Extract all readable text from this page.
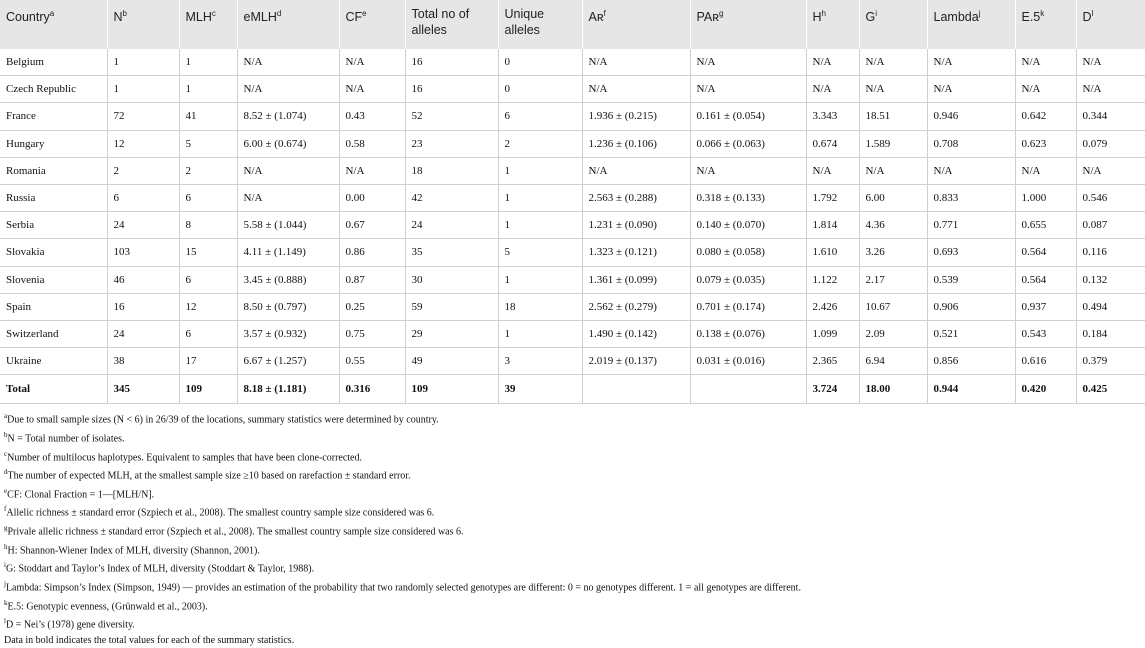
Country$^a$	$N^b$	MLH$^c$	eMLH$^d$	$CF^e$	Total no of alleles	Unique alleles	Aʀ$^f$	PAʀ$^g$	$H^h$	$G^i$	Lambda$^j$	E.5$^k$	$D^l$
Belgium	1	1	N/A	N/A	16	0	N/A	N/A	N/A	N/A	N/A	N/A	N/A
Czech Republic	1	1	N/A	N/A	16	0	N/A	N/A	N/A	N/A	N/A	N/A	N/A
France	72	41	8.52 ± (1.074)	0.43	52	6	1.936 ± (0.215)	0.161 ± (0.054)	3.343	18.51	0.946	0.642	0.344
Hungary	12	5	6.00 ± (0.674)	0.58	23	2	1.236 ± (0.106)	0.066 ± (0.063)	0.674	1.589	0.708	0.623	0.079
Romania	2	2	N/A	N/A	18	1	N/A	N/A	N/A	N/A	N/A	N/A	N/A
Russia	6	6	N/A	0.00	42	1	2.563 ± (0.288)	0.318 ± (0.133)	1.792	6.00	0.833	1.000	0.546
Serbia	24	8	5.58 ± (1.044)	0.67	24	1	1.231 ± (0.090)	0.140 ± (0.070)	1.814	4.36	0.771	0.655	0.087
Slovakia	103	15	4.11 ± (1.149)	0.86	35	5	1.323 ± (0.121)	0.080 ± (0.058)	1.610	3.26	0.693	0.564	0.116
Slovenia	46	6	3.45 ± (0.888)	0.87	30	1	1.361 ± (0.099)	0.079 ± (0.035)	1.122	2.17	0.539	0.564	0.132
Spain	16	12	8.50 ± (0.797)	0.25	59	18	2.562 ± (0.279)	0.701 ± (0.174)	2.426	10.67	0.906	0.937	0.494
Switzerland	24	6	3.57 ± (0.932)	0.75	29	1	1.490 ± (0.142)	0.138 ± (0.076)	1.099	2.09	0.521	0.543	0.184
Ukraine	38	17	6.67 ± (1.257)	0.55	49	3	2.019 ± (0.137)	0.031 ± (0.016)	2.365	6.94	0.856	0.616	0.379
Total	345	109	8.18 ± (1.181)	0.316	109	39			3.724	18.00	0.944	0.420	0.425
$^a$Due to small sample sizes (N < 6) in 26/39 of the locations, summary statistics were determined by country.
$^b$N = Total number of isolates.
$^c$Number of multilocus haplotypes. Equivalent to samples that have been clone-corrected.
$^d$The number of expected MLH, at the smallest sample size ≥10 based on rarefaction ± standard error.
$^e$CF: Clonal Fraction = 1—[MLH/N].
$^f$Allelic richness ± standard error (Szpiech et al., 2008). The smallest country sample size considered was 6.
$^g$Privale allelic richness ± standard error (Szpiech et al., 2008). The smallest country sample size considered was 6.
$^h$H: Shannon-Wiener Index of MLH, diversity (Shannon, 2001).
$^i$G: Stoddart and Taylor’s Index of MLH, diversity (Stoddart & Taylor, 1988).
$^j$Lambda: Simpson’s Index (Simpson, 1949) — provides an estimation of the probability that two randomly selected genotypes are different: 0 = no genotypes different. 1 = all genotypes are different.
$^k$E.5: Genotypic evenness, (Grünwald et al., 2003).
$^l$D = Nei’s (1978) gene diversity.
Data in bold indicates the total values for each of the summary statistics.
